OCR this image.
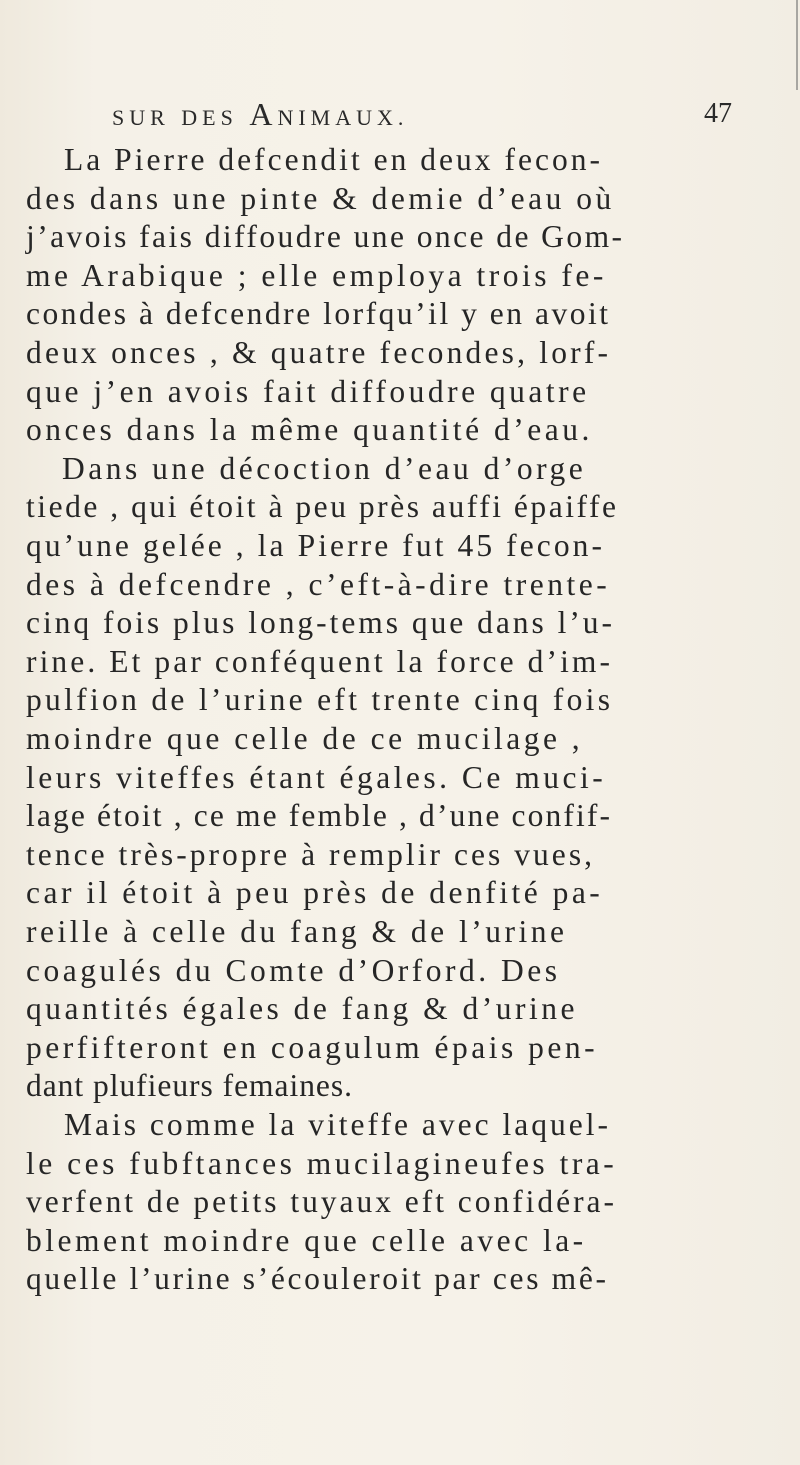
SUR DES ANIMAUX.	47
La Pierre defcendit en deux fecon-
des dans une pinte & demie d’eau où
j’avois fais diffoudre une once de Gom-
me Arabique ; elle employa trois fe-
condes à defcendre lorfqu’il y en avoit
deux onces , & quatre fecondes, lorf-
que j’en avois fait diffoudre quatre
onces dans la même quantité d’eau.
Dans une décoction d’eau d’orge
tiede , qui étoit à peu près auffi épaiffe
qu’une gelée , la Pierre fut 45 fecon-
des à defcendre , c’eft-à-dire trente-
cinq fois plus long-tems que dans l’u-
rine. Et par conféquent la force d’im-
pulfion de l’urine eft trente cinq fois
moindre que celle de ce mucilage ,
leurs viteffes étant égales. Ce muci-
lage étoit , ce me femble , d’une confif-
tence très-propre à remplir ces vues,
car il étoit à peu près de denfité pa-
reille à celle du fang & de l’urine
coagulés du Comte d’Orford. Des
quantités égales de fang & d’urine
perfifteront en coagulum épais pen-
dant plufieurs femaines.
Mais comme la viteffe avec laquel-
le ces fubftances mucilagineufes tra-
verfent de petits tuyaux eft confidéra-
blement moindre que celle avec la-
quelle l’urine s’écouleroit par ces mê-
